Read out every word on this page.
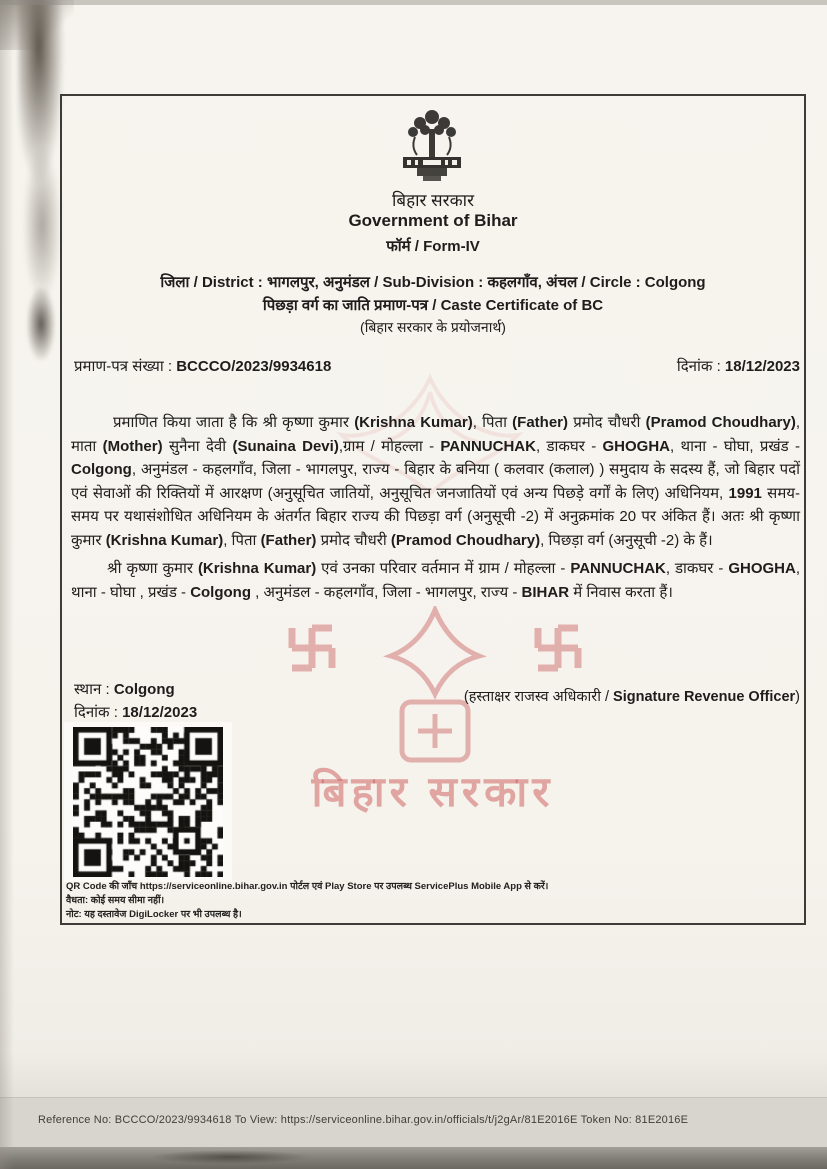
बिहार सरकार
बिहार सरकार
Government of Bihar
फॉर्म / Form-IV
जिला / District : भागलपुर, अनुमंडल / Sub-Division : कहलगाँव, अंचल / Circle : Colgong
पिछड़ा वर्ग का जाति प्रमाण-पत्र / Caste Certificate of BC
(बिहार सरकार के प्रयोजनार्थ)
प्रमाण-पत्र संख्या : BCCCO/2023/9934618	दिनांक : 18/12/2023

प्रमाणित किया जाता है कि श्री कृष्णा कुमार (Krishna Kumar), पिता (Father) प्रमोद चौधरी (Pramod Choudhary), माता (Mother) सुनैना देवी (Sunaina Devi),ग्राम / मोहल्ला - PANNUCHAK, डाकघर - GHOGHA, थाना - घोघा, प्रखंड - Colgong, अनुमंडल - कहलगाँव, जिला - भागलपुर, राज्य - बिहार के बनिया ( कलवार (कलाल) ) समुदाय के सदस्य हैं, जो बिहार पदों एवं सेवाओं की रिक्तियों में आरक्षण (अनुसूचित जातियों, अनुसूचित जनजातियों एवं अन्य पिछड़े वर्गों के लिए) अधिनियम, 1991 समय-समय पर यथासंशोधित अधिनियम के अंतर्गत बिहार राज्य की पिछड़ा वर्ग (अनुसूची -2) में अनुक्रमांक 20 पर अंकित हैं। अतः श्री कृष्णा कुमार (Krishna Kumar), पिता (Father) प्रमोद चौधरी (Pramod Choudhary), पिछड़ा वर्ग (अनुसूची -2) के हैं।

श्री कृष्णा कुमार (Krishna Kumar) एवं उनका परिवार वर्तमान में ग्राम / मोहल्ला - PANNUCHAK, डाकघर - GHOGHA, थाना - घोघा , प्रखंड - Colgong , अनुमंडल - कहलगाँव, जिला - भागलपुर, राज्य - BIHAR में निवास करता हैं।

स्थान : Colgong
दिनांक : 18/12/2023
(हस्ताक्षर राजस्व अधिकारी / Signature Revenue Officer)
QR Code की जाँच https://serviceonline.bihar.gov.in पोर्टल एवं Play Store पर उपलब्ध ServicePlus Mobile App से करें।
वैधता: कोई समय सीमा नहीं।
नोट: यह दस्तावेज DigiLocker पर भी उपलब्ध है।
Reference No: BCCCO/2023/9934618 To View: https://serviceonline.bihar.gov.in/officials/t/j2gAr/81E2016E Token No: 81E2016E
